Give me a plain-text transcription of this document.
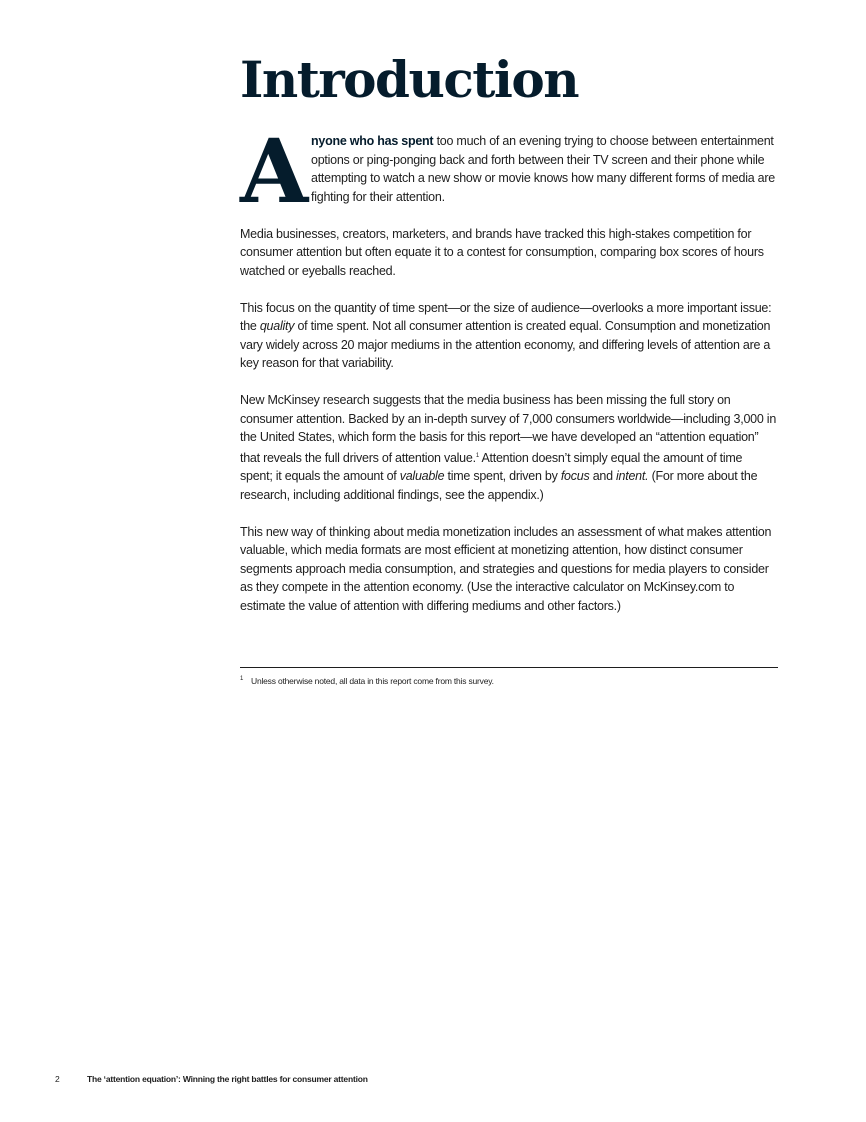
Introduction

A nyone who has spent too much of an evening trying to choose between entertainment options or ping-ponging back and forth between their TV screen and their phone while attempting to watch a new show or movie knows how many different forms of media are fighting for their attention.

Media businesses, creators, marketers, and brands have tracked this high-stakes competition for consumer attention but often equate it to a contest for consumption, comparing box scores of hours watched or eyeballs reached.

This focus on the quantity of time spent—or the size of audience—overlooks a more important issue: the quality of time spent. Not all consumer attention is created equal. Consumption and monetization vary widely across 20 major mediums in the attention economy, and differing levels of attention are a key reason for that variability.

New McKinsey research suggests that the media business has been missing the full story on consumer attention. Backed by an in-depth survey of 7,000 consumers worldwide—including 3,000 in the United States, which form the basis for this report—we have developed an “attention equation” that reveals the full drivers of attention value.$^1$ Attention doesn’t simply equal the amount of time spent; it equals the amount of valuable time spent, driven by focus and intent. (For more about the research, including additional findings, see the appendix.)

This new way of thinking about media monetization includes an assessment of what makes attention valuable, which media formats are most efficient at monetizing attention, how distinct consumer segments approach media consumption, and strategies and questions for media players to consider as they compete in the attention economy. (Use the interactive calculator on McKinsey.com to estimate the value of attention with differing mediums and other factors.)

$^1$ Unless otherwise noted, all data in this report come from this survey.
2	The ‘attention equation’: Winning the right battles for consumer attention
